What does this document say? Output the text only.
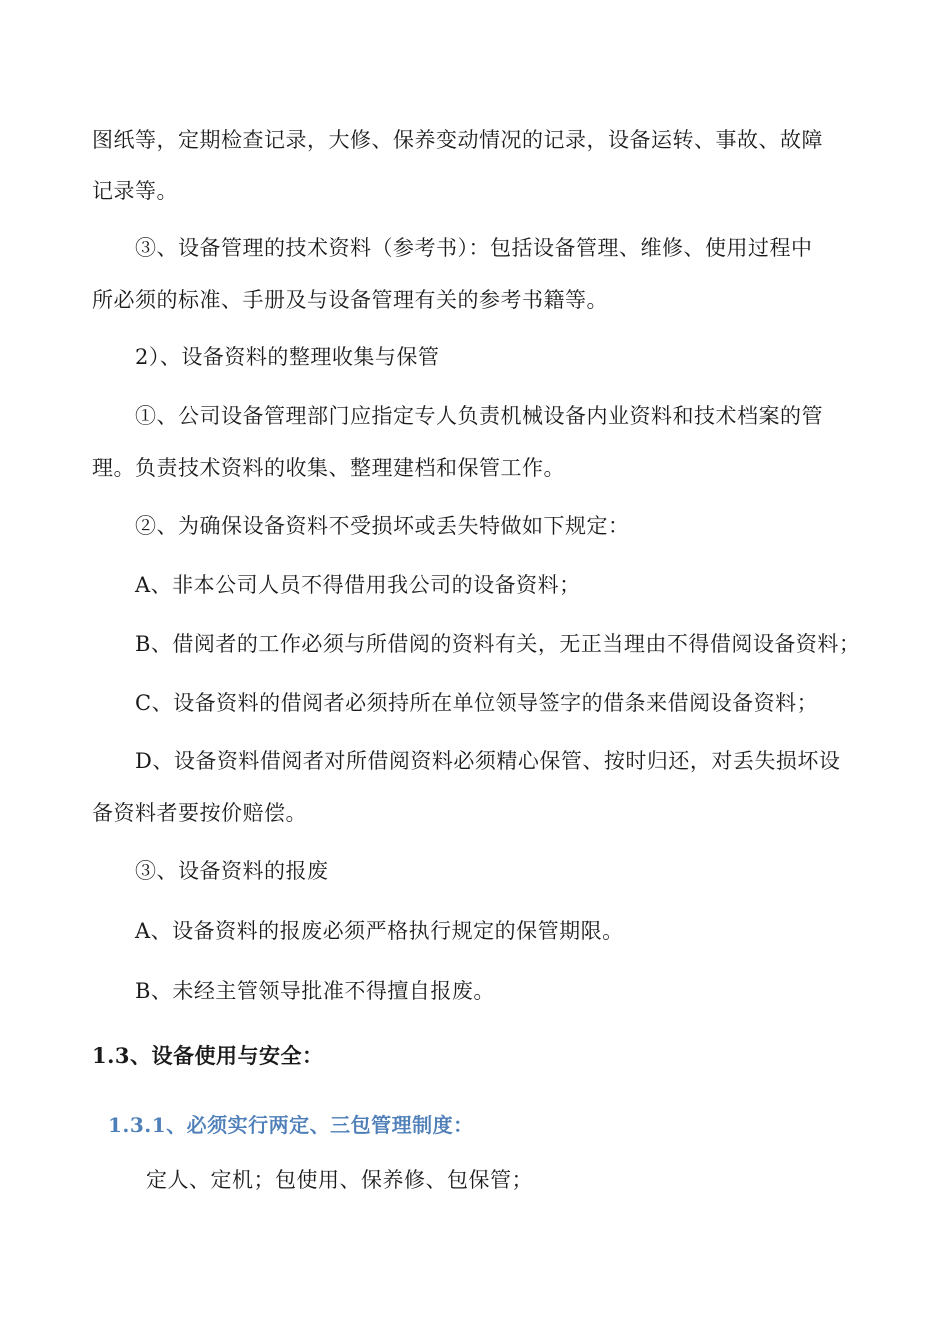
图纸等，定期检查记录，大修、保养变动情况的记录，设备运转、事故、故障
记录等。
③、设备管理的技术资料（参考书）：包括设备管理、维修、使用过程中
所必须的标准、手册及与设备管理有关的参考书籍等。
2）、设备资料的整理收集与保管
①、公司设备管理部门应指定专人负责机械设备内业资料和技术档案的管
理。负责技术资料的收集、整理建档和保管工作。
②、为确保设备资料不受损坏或丢失特做如下规定：
A、非本公司人员不得借用我公司的设备资料；
B、借阅者的工作必须与所借阅的资料有关，无正当理由不得借阅设备资料；
C、设备资料的借阅者必须持所在单位领导签字的借条来借阅设备资料；
D、设备资料借阅者对所借阅资料必须精心保管、按时归还，对丢失损坏设
备资料者要按价赔偿。
③、设备资料的报废
A、设备资料的报废必须严格执行规定的保管期限。
B、未经主管领导批准不得擅自报废。
1.3、设备使用与安全：
1.3.1、必须实行两定、三包管理制度：
定人、定机；包使用、保养修、包保管；
